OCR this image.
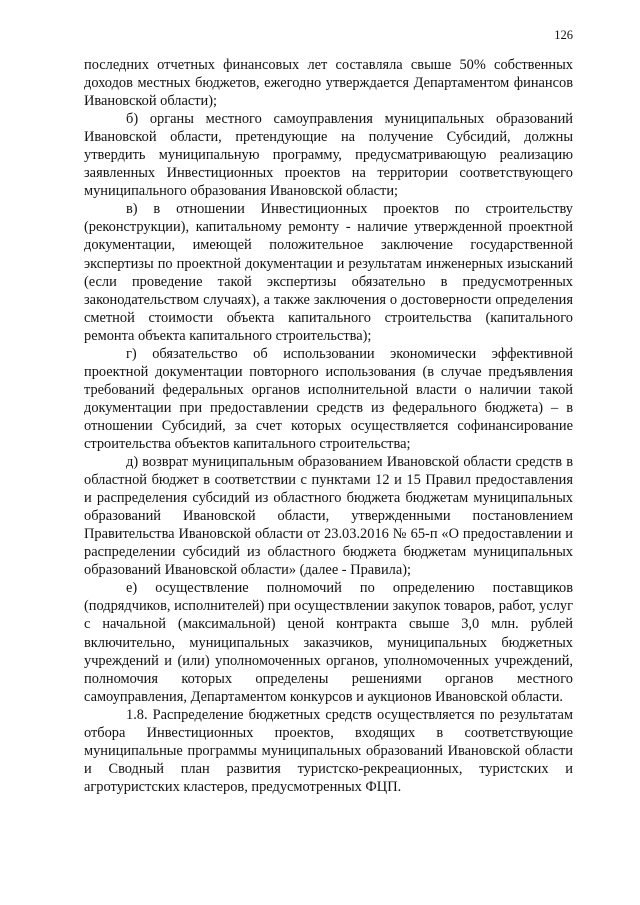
126

последних отчетных финансовых лет составляла свыше 50% собственных доходов местных бюджетов, ежегодно утверждается Департаментом финансов Ивановской области);

б) органы местного самоуправления муниципальных образований Ивановской области, претендующие на получение Субсидий, должны утвердить муниципальную программу, предусматривающую реализацию заявленных Инвестиционных проектов на территории соответствующего муниципального образования Ивановской области;

в) в отношении Инвестиционных проектов по строительству (реконструкции), капитальному ремонту - наличие утвержденной проектной документации, имеющей положительное заключение государственной экспертизы по проектной документации и результатам инженерных изысканий (если проведение такой экспертизы обязательно в предусмотренных законодательством случаях), а также заключения о достоверности определения сметной стоимости объекта капитального строительства (капитального ремонта объекта капитального строительства);

г) обязательство об использовании экономически эффективной проектной документации повторного использования (в случае предъявления требований федеральных органов исполнительной власти о наличии такой документации при предоставлении средств из федерального бюджета) – в отношении Субсидий, за счет которых осуществляется софинансирование строительства объектов капитального строительства;

д) возврат муниципальным образованием Ивановской области средств в областной бюджет в соответствии с пунктами 12 и 15 Правил предоставления и распределения субсидий из областного бюджета бюджетам муниципальных образований Ивановской области, утвержденными постановлением Правительства Ивановской области от 23.03.2016 № 65-п «О предоставлении и распределении субсидий из областного бюджета бюджетам муниципальных образований Ивановской области» (далее - Правила);

е) осуществление полномочий по определению поставщиков (подрядчиков, исполнителей) при осуществлении закупок товаров, работ, услуг с начальной (максимальной) ценой контракта свыше 3,0 млн. рублей включительно, муниципальных заказчиков, муниципальных бюджетных учреждений и (или) уполномоченных органов, уполномоченных учреждений, полномочия которых определены решениями органов местного самоуправления, Департаментом конкурсов и аукционов Ивановской области.

1.8. Распределение бюджетных средств осуществляется по результатам отбора Инвестиционных проектов, входящих в соответствующие муниципальные программы муниципальных образований Ивановской области и Сводный план развития туристско-рекреационных, туристских и агротуристских кластеров, предусмотренных ФЦП.
